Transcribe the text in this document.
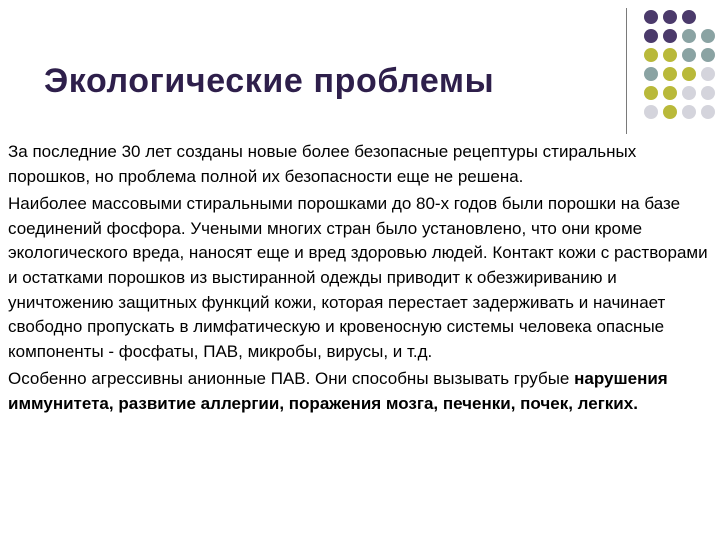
Экологические проблемы

За последние 30 лет созданы новые более безопасные рецептуры стиральных порошков, но проблема полной их безопасности еще не решена.

Наиболее массовыми стиральными порошками до 80-х годов были порошки на базе соединений фосфора. Учеными многих стран было установлено, что они кроме экологического вреда, наносят еще и вред здоровью людей. Контакт кожи с растворами и остатками порошков из выстиранной одежды приводит к обезжириванию и уничтожению защитных функций кожи, которая перестает задерживать и начинает свободно пропускать в лимфатическую и кровеносную системы человека опасные компоненты - фосфаты, ПАВ, микробы, вирусы, и т.д.

Особенно агрессивны анионные ПАВ. Они способны вызывать грубые нарушения иммунитета, развитие аллергии, поражения мозга, печенки, почек, легких.
